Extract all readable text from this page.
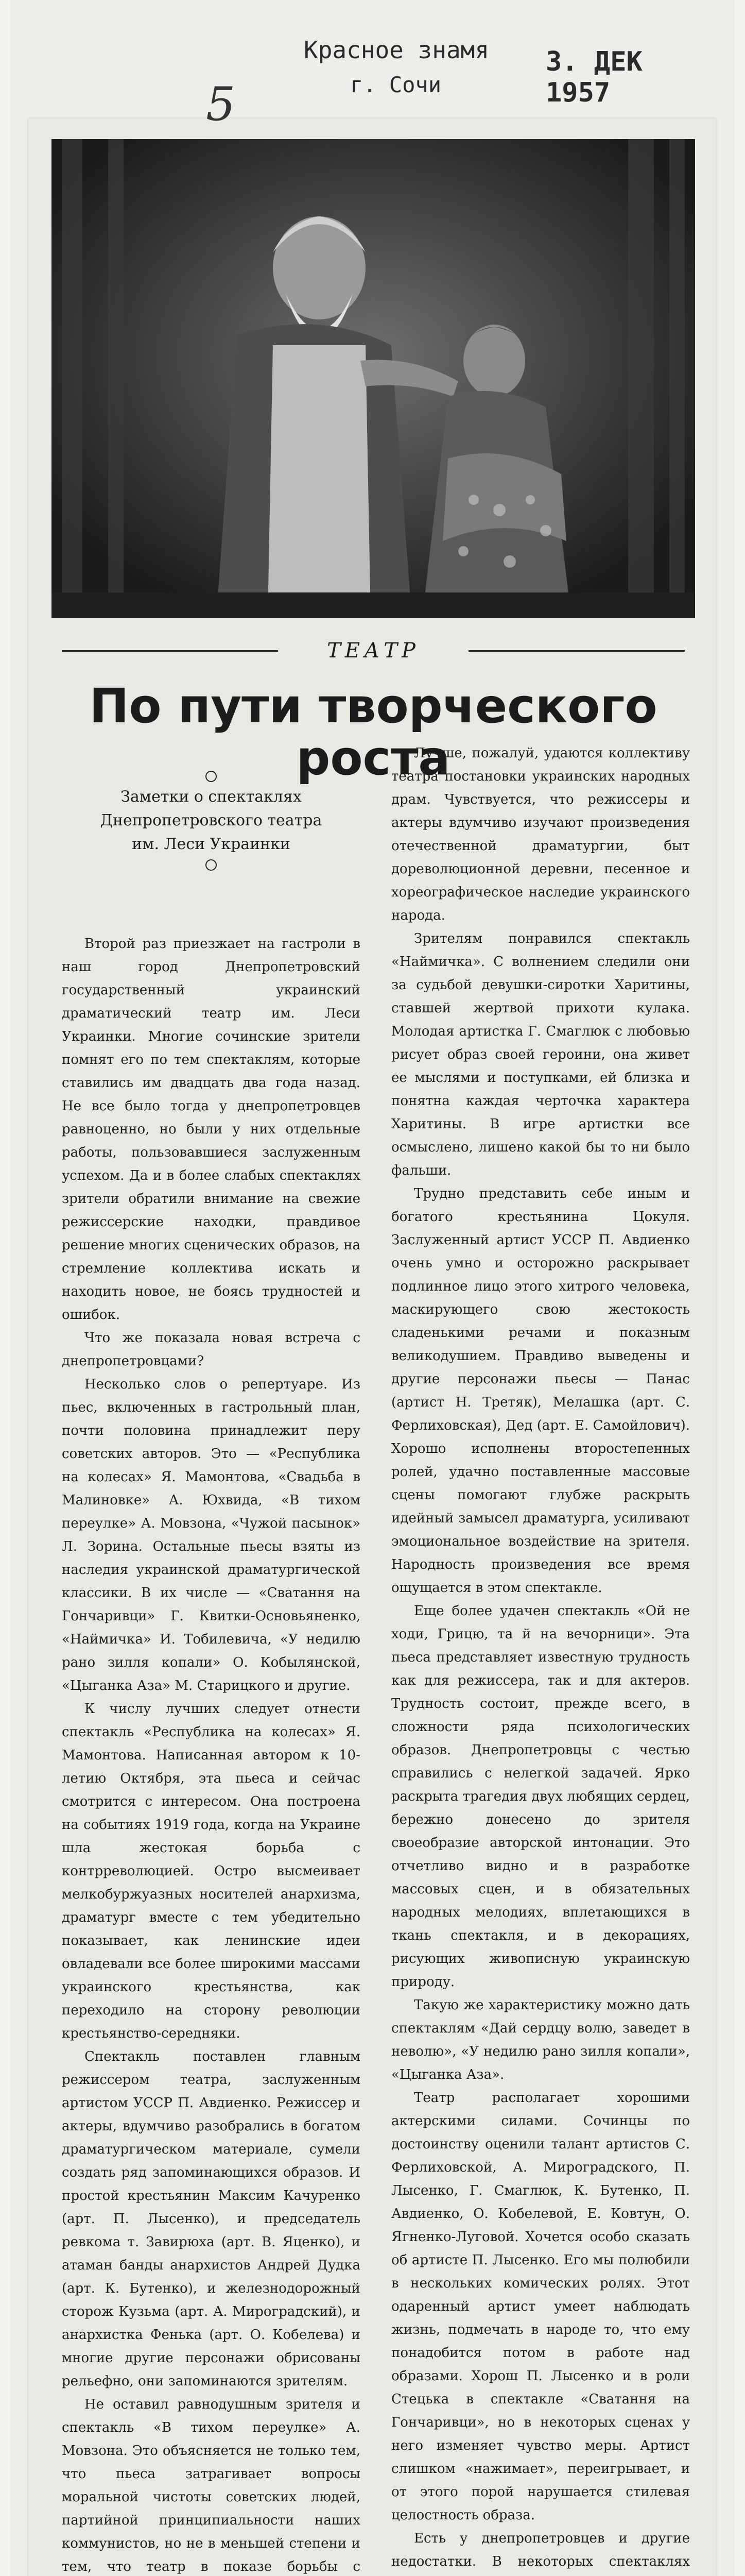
5
Красное знамя
г. Сочи
3. ДЕК 1957
ТЕАТР
По пути творческого роста
Заметки о спектаклях
Днепропетровского театра
им. Леси Украинки

Второй раз приезжает на гастроли в наш город Днепропетровский государственный украинский драматический театр им. Леси Украинки. Многие сочинские зрители помнят его по тем спектаклям, которые ставились им двадцать два года назад. Не все было тогда у днепропетровцев равноценно, но были у них отдельные работы, пользовавшиеся заслуженным успехом. Да и в более слабых спектаклях зрители обратили внимание на свежие режиссерские находки, правдивое решение многих сценических образов, на стремление коллектива искать и находить новое, не боясь трудностей и ошибок.

Что же показала новая встреча с днепропетровцами?

Несколько слов о репертуаре. Из пьес, включенных в гастрольный план, почти половина принадлежит перу советских авторов. Это — «Республика на колесах» Я. Мамонтова, «Свадьба в Малиновке» А. Юхвида, «В тихом переулке» А. Мовзона, «Чужой пасынок» Л. Зорина. Остальные пьесы взяты из наследия украинской драматургической классики. В их числе — «Сватання на Гончаривци» Г. Квитки-Основьяненко, «Наймичка» И. Тобилевича, «У недилю рано зилля копали» О. Кобылянской, «Цыганка Аза» М. Старицкого и другие.

К числу лучших следует отнести спектакль «Республика на колесах» Я. Мамонтова. Написанная автором к 10-летию Октября, эта пьеса и сейчас смотрится с интересом. Она построена на событиях 1919 года, когда на Украине шла жестокая борьба с контрреволюцией. Остро высмеивает мелкобуржуазных носителей анархизма, драматург вместе с тем убедительно показывает, как ленинские идеи овладевали все более широкими массами украинского крестьянства, как переходило на сторону революции крестьянство-середняки.

Спектакль поставлен главным режиссером театра, заслуженным артистом УССР П. Авдиенко. Режиссер и актеры, вдумчиво разобрались в богатом драматургическом материале, сумели создать ряд запоминающихся образов. И простой крестьянин Максим Качуренко (арт. П. Лысенко), и председатель ревкома т. Завирюха (арт. В. Яценко), и атаман банды анархистов Андрей Дудка (арт. К. Бутенко), и железнодорожный сторож Кузьма (арт. А. Мироградский), и анархистка Фенька (арт. О. Кобелева) и многие другие персонажи обрисованы рельефно, они запоминаются зрителям.

Не оставил равнодушным зрителя и спектакль «В тихом переулке» А. Мовзона. Это объясняется не только тем, что пьеса затрагивает вопросы моральной чистоты советских людей, партийной принципиальности наших коммунистов, но не в меньшей степени и тем, что театр в показе борьбы с

Лучше, пожалуй, удаются коллективу театра постановки украинских народных драм. Чувствуется, что режиссеры и актеры вдумчиво изучают произведения отечественной драматургии, быт дореволюционной деревни, песенное и хореографическое наследие украинского народа.

Зрителям понравился спектакль «Наймичка». С волнением следили они за судьбой девушки-сиротки Харитины, ставшей жертвой прихоти кулака. Молодая артистка Г. Смаглюк с любовью рисует образ своей героини, она живет ее мыслями и поступками, ей близка и понятна каждая черточка характера Харитины. В игре артистки все осмыслено, лишено какой бы то ни было фальши.

Трудно представить себе иным и богатого крестьянина Цокуля. Заслуженный артист УССР П. Авдиенко очень умно и осторожно раскрывает подлинное лицо этого хитрого человека, маскирующего свою жестокость сладенькими речами и показным великодушием. Правдиво выведены и другие персонажи пьесы — Панас (артист Н. Третяк), Мелашка (арт. С. Ферлиховская), Дед (арт. Е. Самойлович). Хорошо исполнены второстепенных ролей, удачно поставленные массовые сцены помогают глубже раскрыть идейный замысел драматурга, усиливают эмоциональное воздействие на зрителя. Народность произведения все время ощущается в этом спектакле.

Еще более удачен спектакль «Ой не ходи, Грицю, та й на вечорници». Эта пьеса представляет известную трудность как для режиссера, так и для актеров. Трудность состоит, прежде всего, в сложности ряда психологических образов. Днепропетровцы с честью справились с нелегкой задачей. Ярко раскрыта трагедия двух любящих сердец, бережно донесено до зрителя своеобразие авторской интонации. Это отчетливо видно и в разработке массовых сцен, и в обязательных народных мелодиях, вплетающихся в ткань спектакля, и в декорациях, рисующих живописную украинскую природу.

Такую же характеристику можно дать спектаклям «Дай сердцу волю, заведет в неволю», «У недилю рано зилля копали», «Цыганка Аза».

Театр располагает хорошими актерскими силами. Сочинцы по достоинству оценили талант артистов С. Ферлиховской, А. Мироградского, П. Лысенко, Г. Смаглюк, К. Бутенко, П. Авдиенко, О. Кобелевой, Е. Ковтун, О. Ягненко-Луговой. Хочется особо сказать об артисте П. Лысенко. Его мы полюбили в нескольких комических ролях. Этот одаренный артист умеет наблюдать жизнь, подмечать в народе то, что ему понадобится потом в работе над образами. Хорош П. Лысенко и в роли Стецька в спектакле «Сватання на Гончаривци», но в некоторых сценах у него изменяет чувство меры. Артист слишком «нажимает», переигрывает, и от этого порой нарушается стилевая целостность образа.

Есть у днепропетровцев и другие недостатки. В некоторых спектаклях
